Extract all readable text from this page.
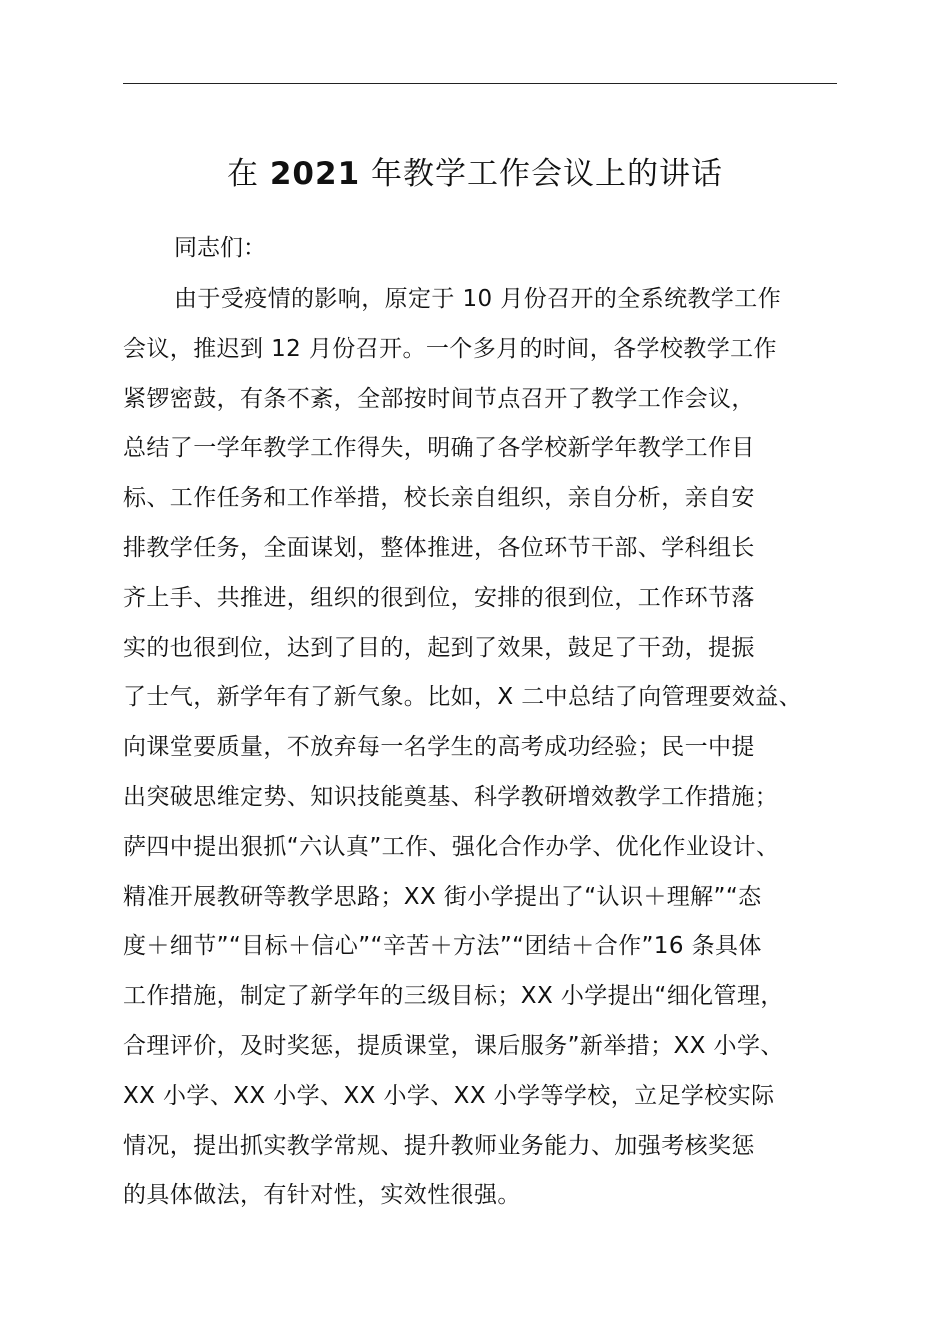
在 2021 年教学工作会议上的讲话

同志们：

由于受疫情的影响，原定于 10 月份召开的全系统教学工作
会议，推迟到 12 月份召开。一个多月的时间，各学校教学工作
紧锣密鼓，有条不紊，全部按时间节点召开了教学工作会议，
总结了一学年教学工作得失，明确了各学校新学年教学工作目
标、工作任务和工作举措，校长亲自组织，亲自分析，亲自安
排教学任务，全面谋划，整体推进，各位环节干部、学科组长
齐上手、共推进，组织的很到位，安排的很到位，工作环节落
实的也很到位，达到了目的，起到了效果，鼓足了干劲，提振
了士气，新学年有了新气象。比如，X 二中总结了向管理要效益、
向课堂要质量，不放弃每一名学生的高考成功经验；民一中提
出突破思维定势、知识技能奠基、科学教研增效教学工作措施；
萨四中提出狠抓“六认真”工作、强化合作办学、优化作业设计、
精准开展教研等教学思路；XX 街小学提出了“认识＋理解”“态
度＋细节”“目标＋信心”“辛苦＋方法”“团结＋合作”16 条具体
工作措施，制定了新学年的三级目标；XX 小学提出“细化管理，
合理评价，及时奖惩，提质课堂，课后服务”新举措；XX 小学、
XX 小学、XX 小学、XX 小学、XX 小学等学校，立足学校实际
情况，提出抓实教学常规、提升教师业务能力、加强考核奖惩
的具体做法，有针对性，实效性很强。
